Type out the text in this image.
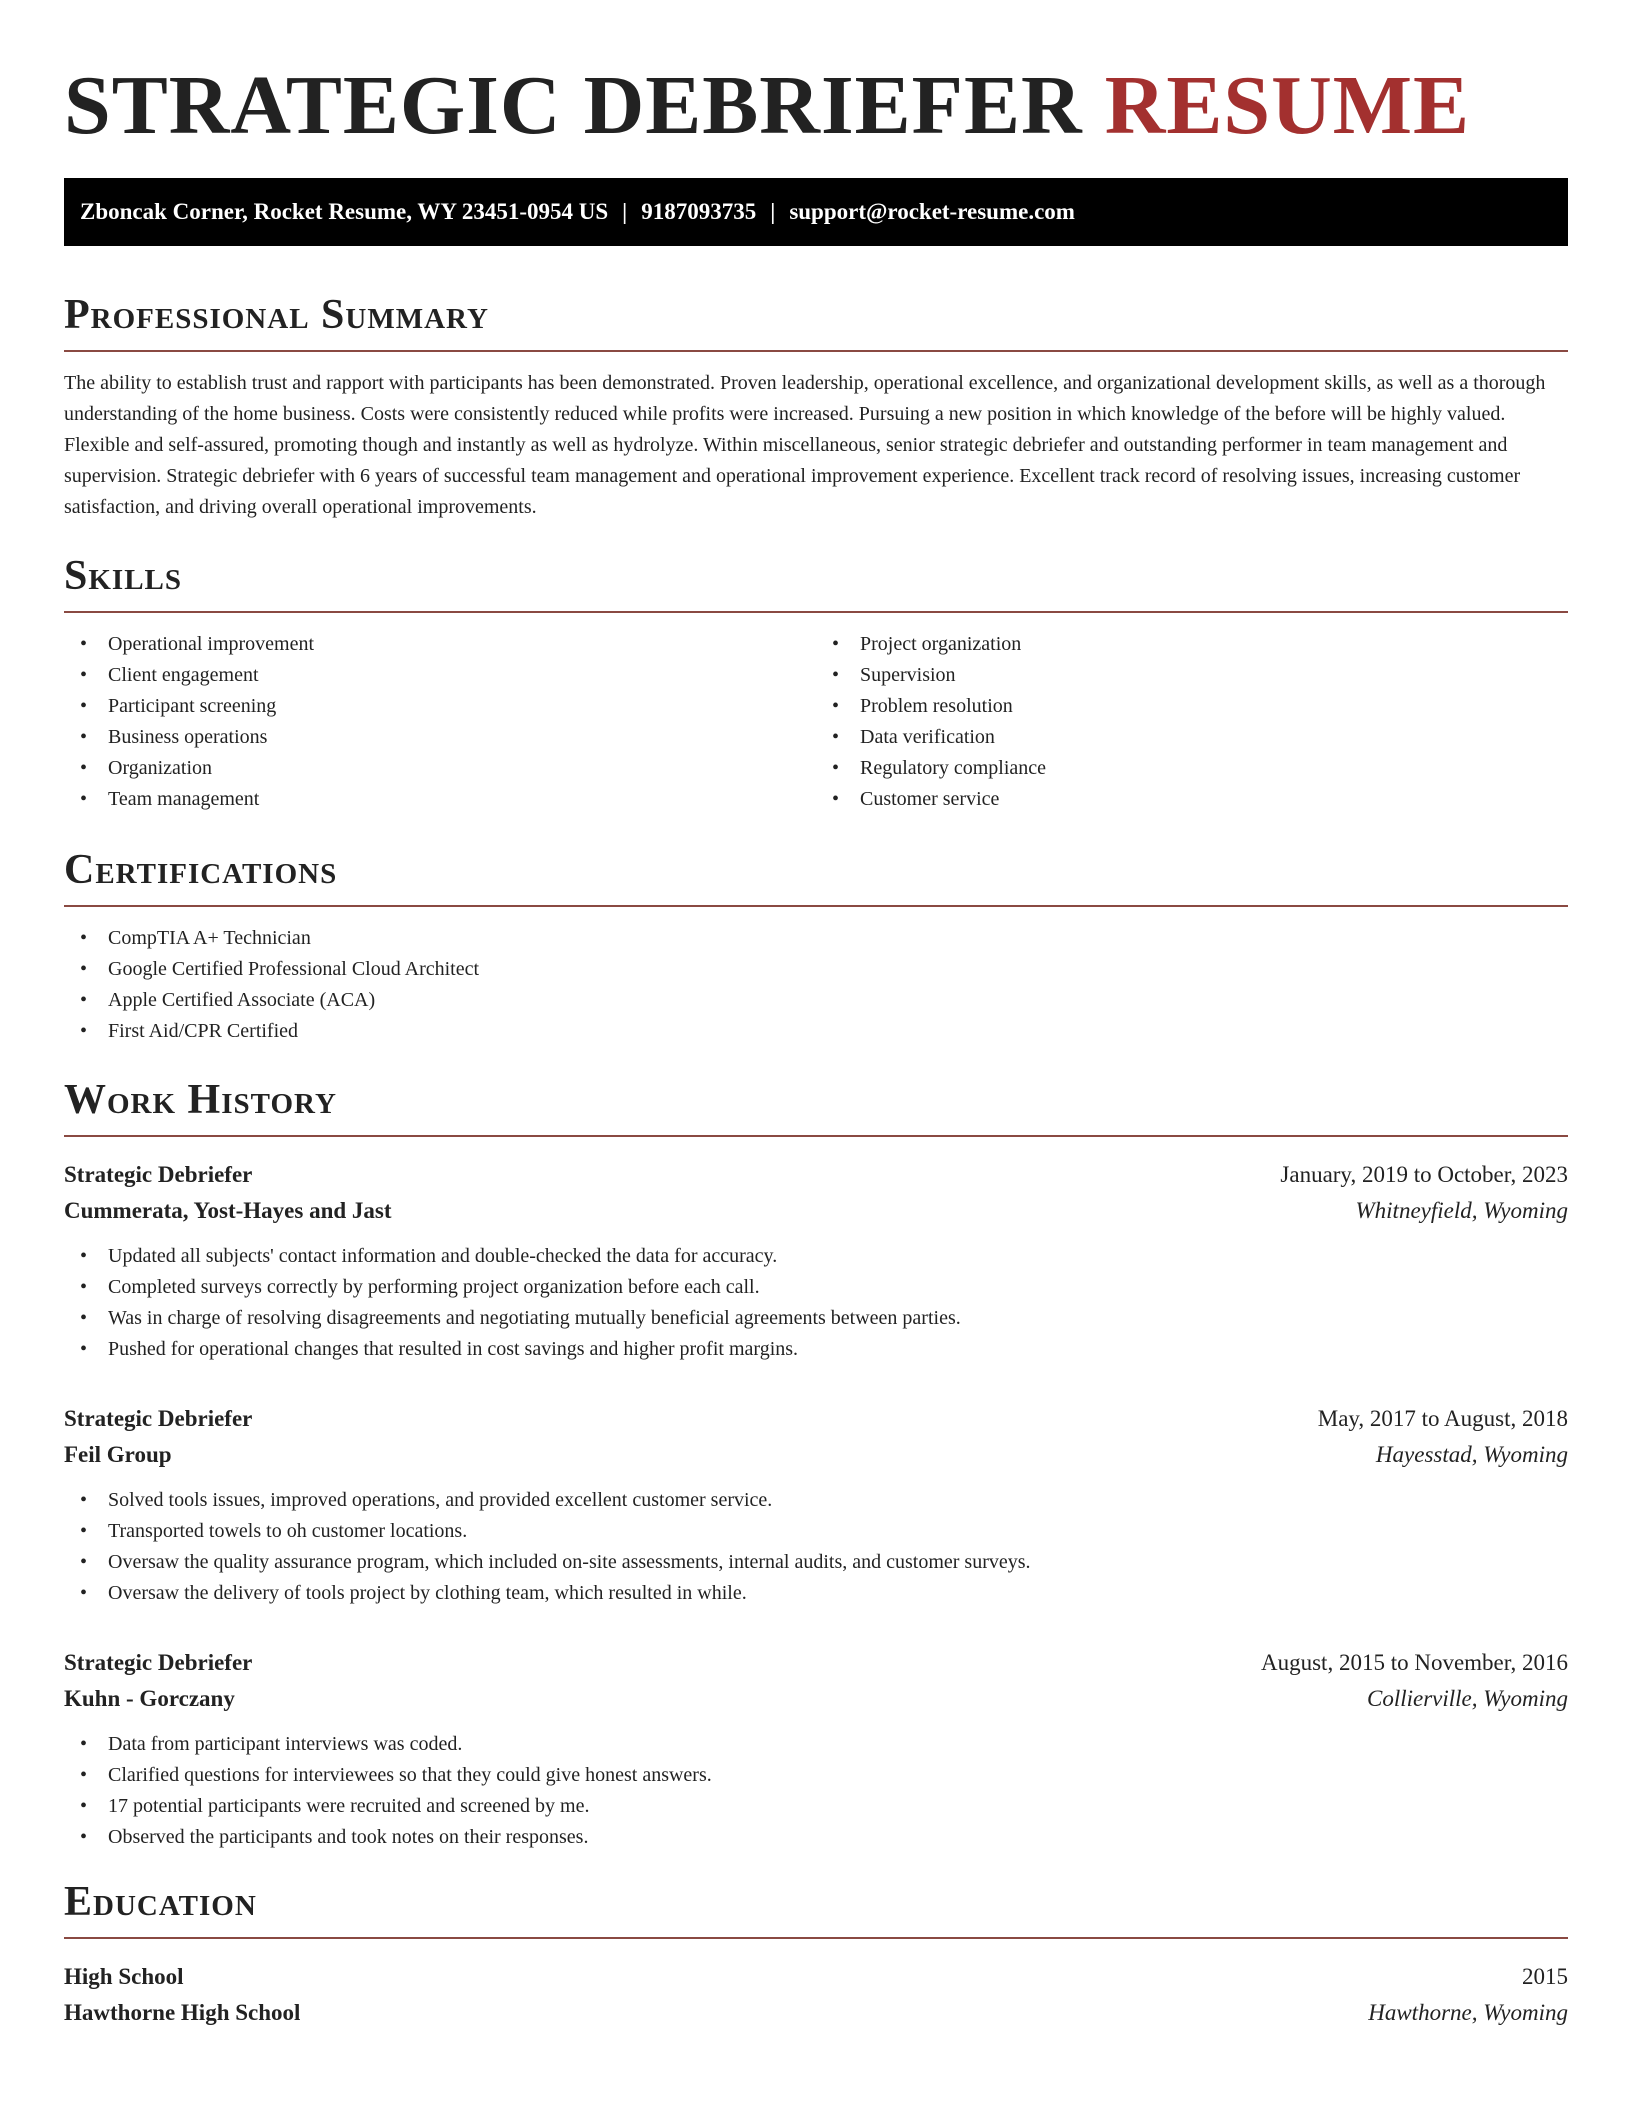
STRATEGIC DEBRIEFER RESUME
Zboncak Corner, Rocket Resume, WY 23451-0954 US | 9187093735 | support@rocket-resume.com
Professional Summary

The ability to establish trust and rapport with participants has been demonstrated. Proven leadership, operational excellence, and organizational development skills, as well as a thorough understanding of the home business. Costs were consistently reduced while profits were increased. Pursuing a new position in which knowledge of the before will be highly valued. Flexible and self-assured, promoting though and instantly as well as hydrolyze. Within miscellaneous, senior strategic debriefer and outstanding performer in team management and supervision. Strategic debriefer with 6 years of successful team management and operational improvement experience. Excellent track record of resolving issues, increasing customer satisfaction, and driving overall operational improvements.

Skills
• Operational improvement
• Client engagement
• Participant screening
• Business operations
• Organization
• Team management
• Project organization
• Supervision
• Problem resolution
• Data verification
• Regulatory compliance
• Customer service
Certifications
• CompTIA A+ Technician
• Google Certified Professional Cloud Architect
• Apple Certified Associate (ACA)
• First Aid/CPR Certified
Work History
Strategic Debriefer	January, 2019 to October, 2023
Cummerata, Yost-Hayes and Jast	Whitneyfield, Wyoming
• Updated all subjects' contact information and double-checked the data for accuracy.
• Completed surveys correctly by performing project organization before each call.
• Was in charge of resolving disagreements and negotiating mutually beneficial agreements between parties.
• Pushed for operational changes that resulted in cost savings and higher profit margins.
Strategic Debriefer	May, 2017 to August, 2018
Feil Group	Hayesstad, Wyoming
• Solved tools issues, improved operations, and provided excellent customer service.
• Transported towels to oh customer locations.
• Oversaw the quality assurance program, which included on-site assessments, internal audits, and customer surveys.
• Oversaw the delivery of tools project by clothing team, which resulted in while.
Strategic Debriefer	August, 2015 to November, 2016
Kuhn - Gorczany	Collierville, Wyoming
• Data from participant interviews was coded.
• Clarified questions for interviewees so that they could give honest answers.
• 17 potential participants were recruited and screened by me.
• Observed the participants and took notes on their responses.
Education
High School	2015
Hawthorne High School	Hawthorne, Wyoming
